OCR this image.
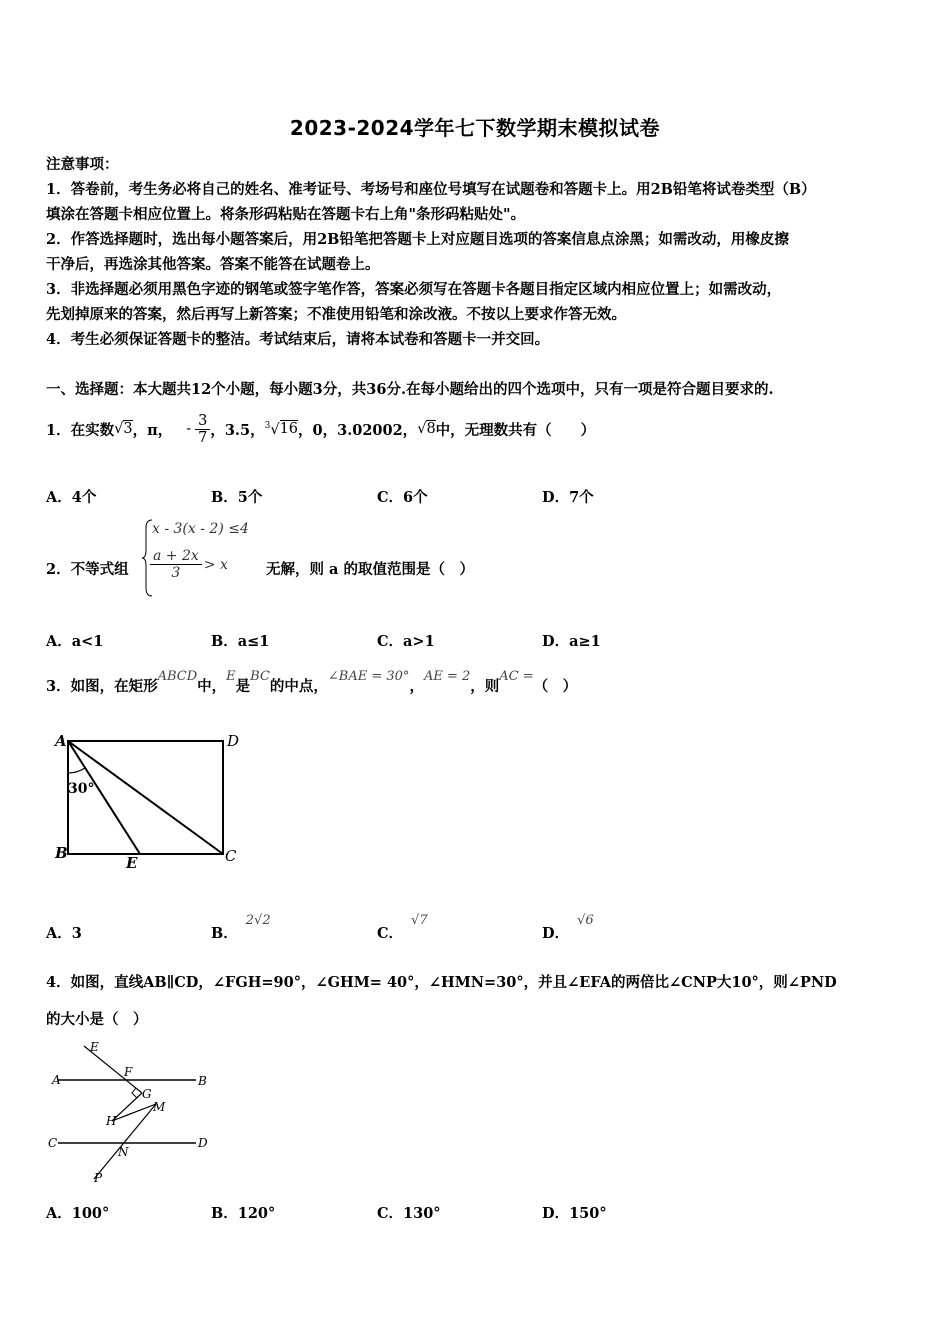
2023-2024学年七下数学期末模拟试卷
注意事项：
1．答卷前，考生务必将自己的姓名、准考证号、考场号和座位号填写在试题卷和答题卡上。用2B铅笔将试卷类型（B）
填涂在答题卡相应位置上。将条形码粘贴在答题卡右上角"条形码粘贴处"。
2．作答选择题时，选出每小题答案后，用2B铅笔把答题卡上对应题目选项的答案信息点涂黑；如需改动，用橡皮擦
干净后，再选涂其他答案。答案不能答在试题卷上。
3．非选择题必须用黑色字迹的钢笔或签字笔作答，答案必须写在答题卡各题目指定区域内相应位置上；如需改动，
先划掉原来的答案，然后再写上新答案；不准使用铅笔和涂改液。不按以上要求作答无效。
4．考生必须保证答题卡的整洁。考试结束后，请将本试卷和答题卡一并交回。
一、选择题：本大题共12个小题，每小题3分，共36分.在每小题给出的四个选项中，只有一项是符合题目要求的.
1．在实数 √3 ，π， - $\frac{3}{7}$ ，3.5， $^3$√16 ，0，3.02002， √8 中，无理数共有（　　）
A．4个	B．5个	C．6个	D．7个
2．不等式组
x - 3(x - 2) ≤4
$\frac{a + 2x}{3} > x$	无解，则 a 的取值范围是（　）
A．a<1	B．a≤1	C．a>1	D．a≥1
3．如图，在矩形
ABCD
中，
E
是
BC
的中点，
∠BAE = 30°
，
AE = 2
，则
AC =
（　）
A	D
B	C
E
30°
A．3	B．2√2
C．√7
D．√6
4．如图，直线AB∥CD，∠FGH=90°，∠GHM= 40°，∠HMN=30°，并且∠EFA的两倍比∠CNP大10°，则∠PND
的大小是（　）
E
A
F
B
G
M
H
C	D
N
P
A．100°	B．120°	C．130°	D．150°
